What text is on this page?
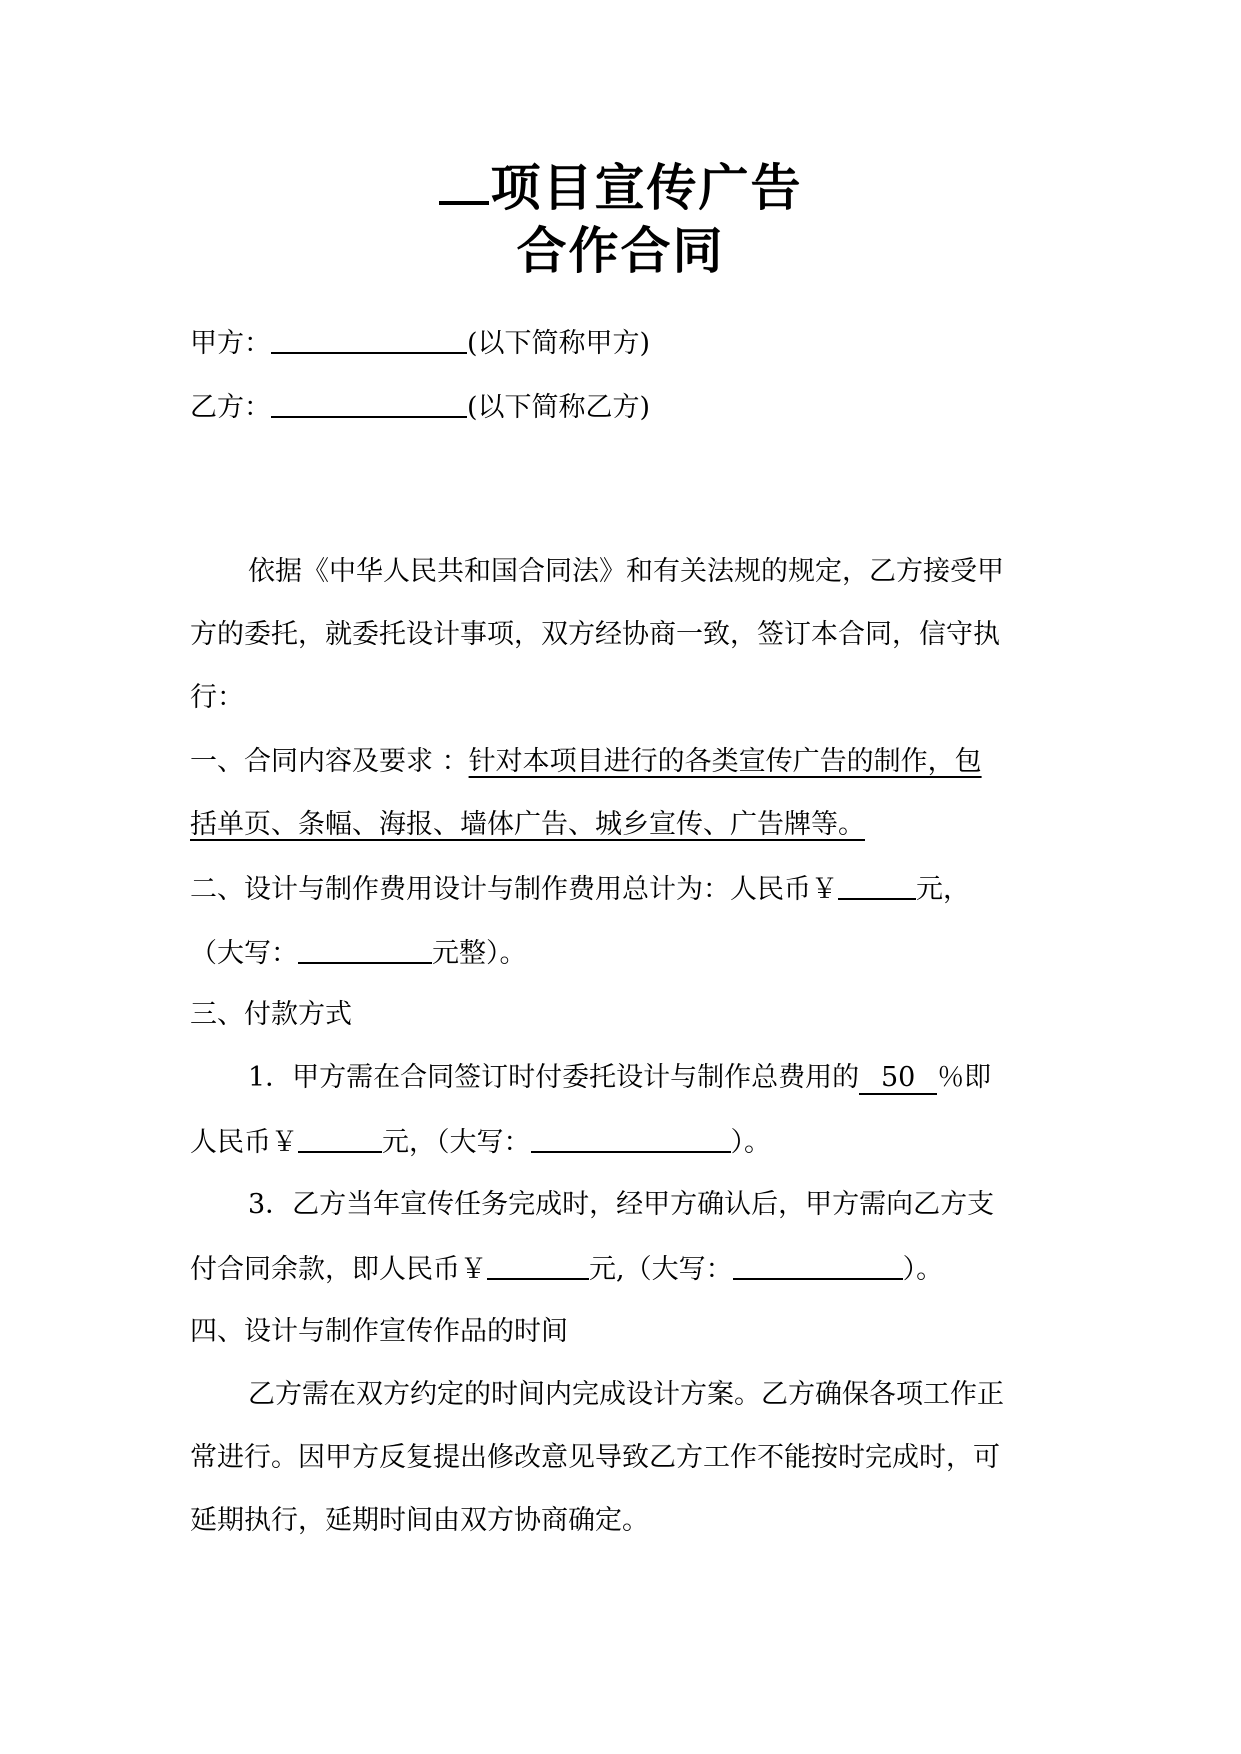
项目宣传广告
合作合同
甲方：	(以下简称甲方)
乙方：	(以下简称乙方)
依据《中华人民共和国合同法》和有关法规的规定，乙方接受甲
方的委托，就委托设计事项，双方经协商一致，签订本合同，信守执
行：
一、合同内容及要求 ：针对本项目进行的各类宣传广告的制作，包
括单页、条幅、海报、墙体广告、城乡宣传、广告牌等。
二、设计与制作费用设计与制作费用总计为：人民币￥	元，
（大写：	元整）。
三、付款方式
1．甲方需在合同签订时付委托设计与制作总费用的 50 ％即
人民币￥	元，（大写：	）。
3．乙方当年宣传任务完成时，经甲方确认后，甲方需向乙方支
付合同余款，即人民币￥	元,（大写：	）。
四、设计与制作宣传作品的时间
乙方需在双方约定的时间内完成设计方案。乙方确保各项工作正
常进行。因甲方反复提出修改意见导致乙方工作不能按时完成时，可
延期执行，延期时间由双方协商确定。
